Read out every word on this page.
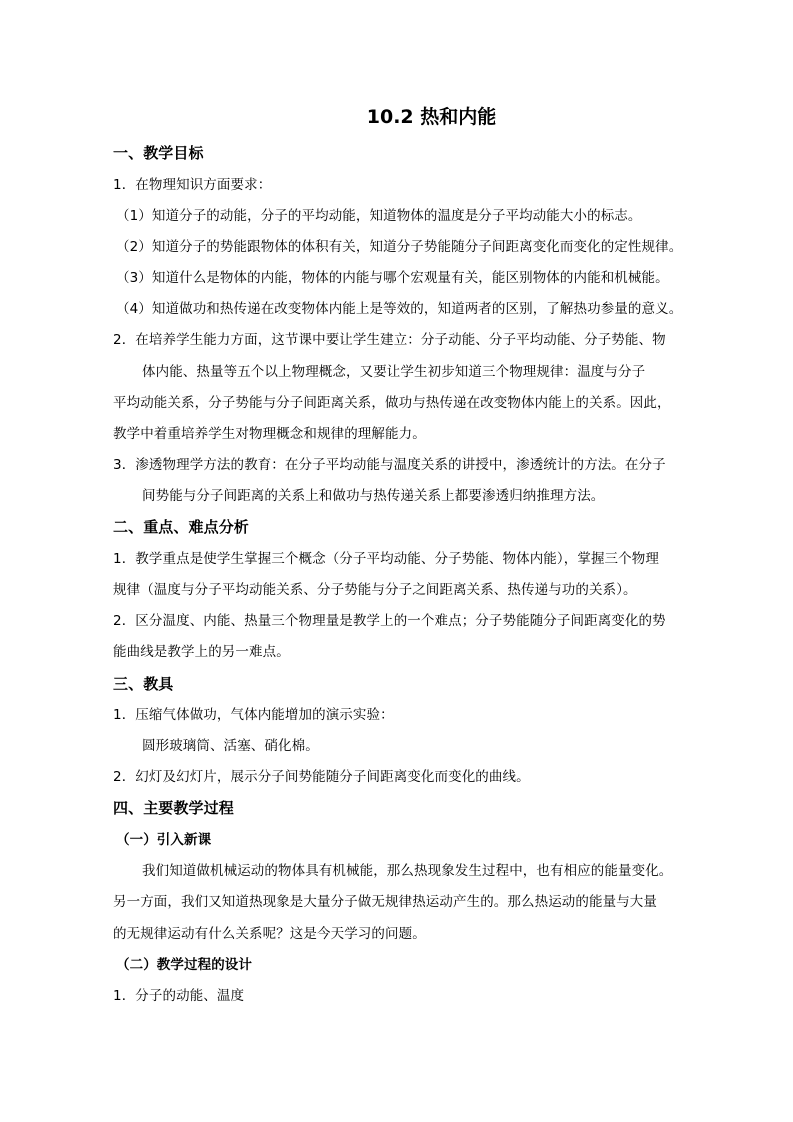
10.2 热和内能
一、教学目标
1．在物理知识方面要求：
（1）知道分子的动能，分子的平均动能，知道物体的温度是分子平均动能大小的标志。
（2）知道分子的势能跟物体的体积有关，知道分子势能随分子间距离变化而变化的定性规律。
（3）知道什么是物体的内能，物体的内能与哪个宏观量有关，能区别物体的内能和机械能。
（4）知道做功和热传递在改变物体内能上是等效的，知道两者的区别，了解热功参量的意义。
2．在培养学生能力方面，这节课中要让学生建立：分子动能、分子平均动能、分子势能、物
体内能、热量等五个以上物理概念，又要让学生初步知道三个物理规律：温度与分子
平均动能关系，分子势能与分子间距离关系，做功与热传递在改变物体内能上的关系。因此，
教学中着重培养学生对物理概念和规律的理解能力。
3．渗透物理学方法的教育：在分子平均动能与温度关系的讲授中，渗透统计的方法。在分子
间势能与分子间距离的关系上和做功与热传递关系上都要渗透归纳推理方法。
二、重点、难点分析
1．教学重点是使学生掌握三个概念（分子平均动能、分子势能、物体内能），掌握三个物理
规律（温度与分子平均动能关系、分子势能与分子之间距离关系、热传递与功的关系）。
2．区分温度、内能、热量三个物理量是教学上的一个难点；分子势能随分子间距离变化的势
能曲线是教学上的另一难点。
三、教具
1．压缩气体做功，气体内能增加的演示实验：
圆形玻璃筒、活塞、硝化棉。
2．幻灯及幻灯片，展示分子间势能随分子间距离变化而变化的曲线。
四、主要教学过程
（一）引入新课
我们知道做机械运动的物体具有机械能，那么热现象发生过程中，也有相应的能量变化。
另一方面，我们又知道热现象是大量分子做无规律热运动产生的。那么热运动的能量与大量
的无规律运动有什么关系呢？这是今天学习的问题。
（二）教学过程的设计
1．分子的动能、温度
